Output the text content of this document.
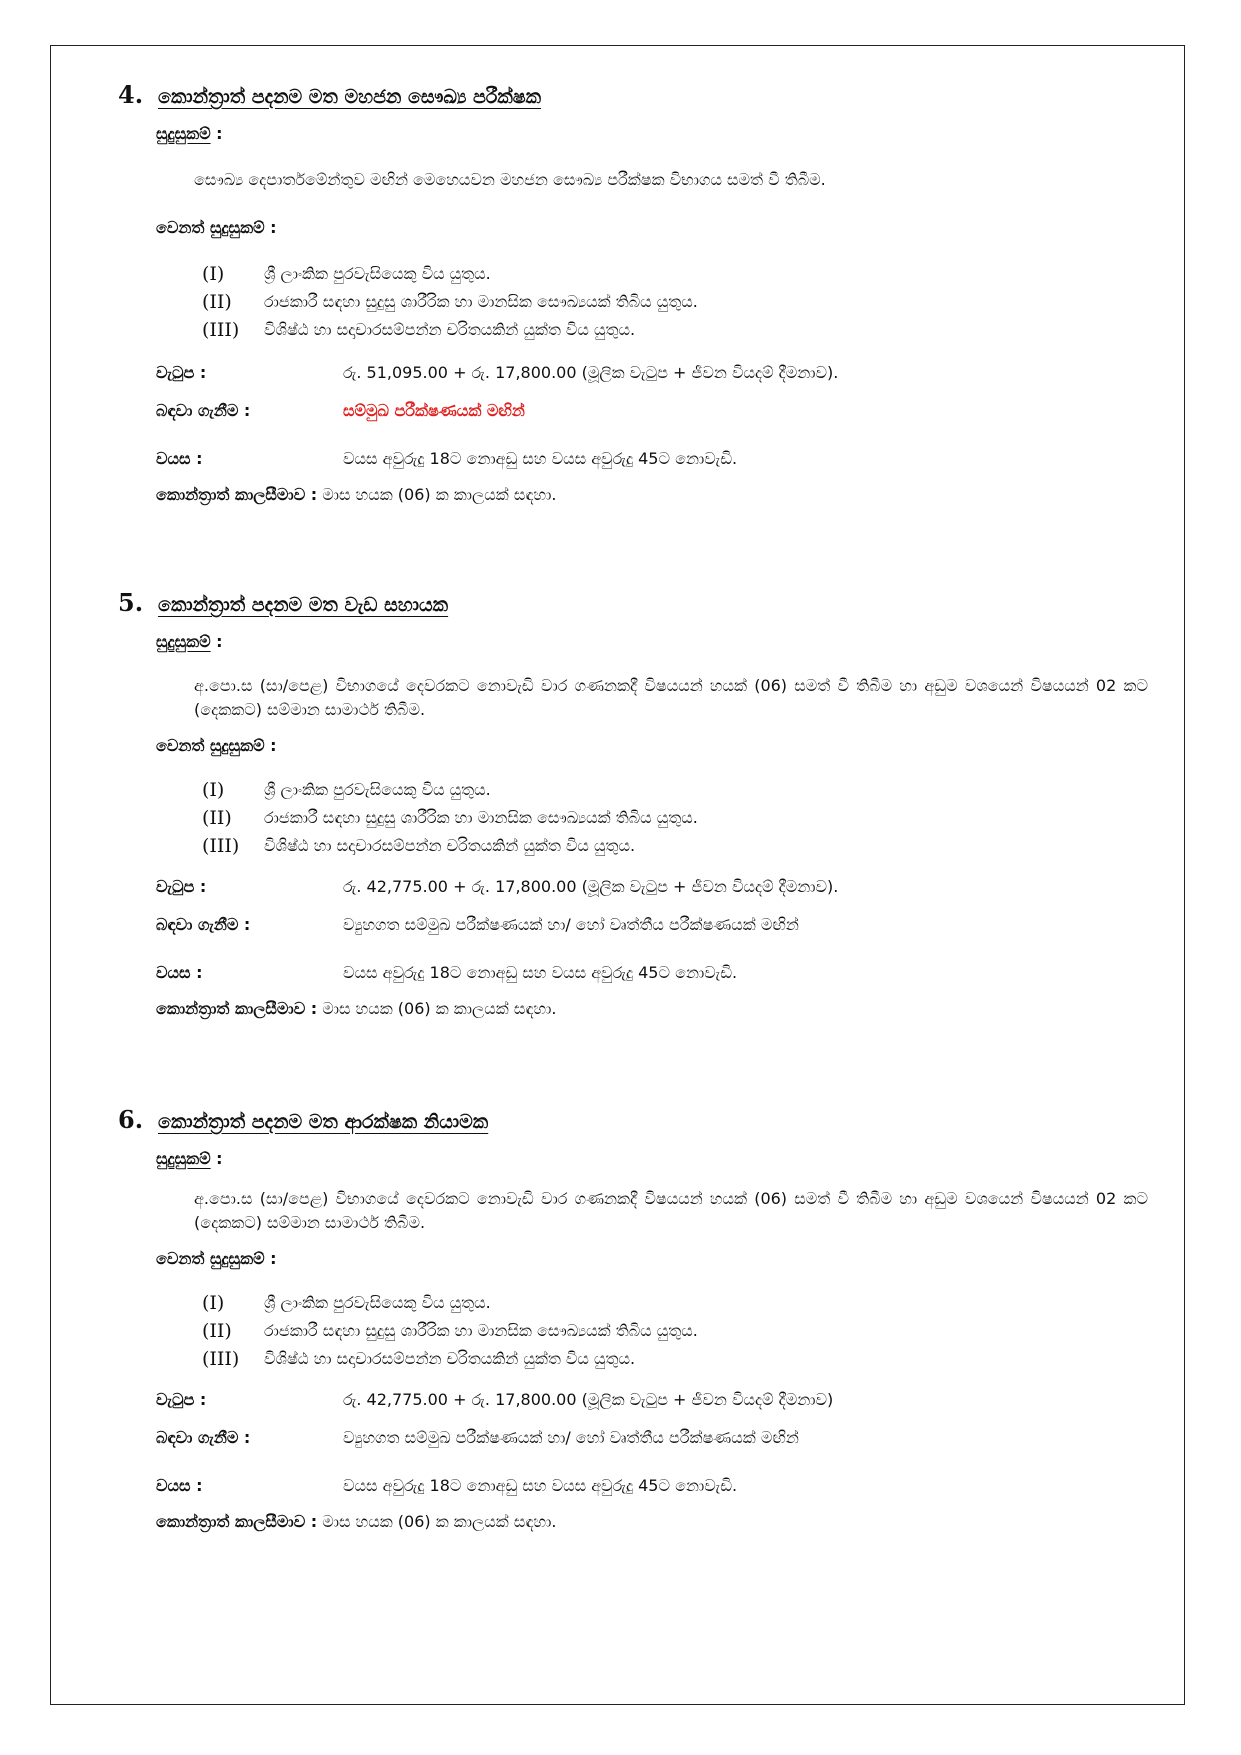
4. කොන්ත්‍රාත් පදනම මත මහජන සෞඛ්‍ය පරීක්ෂක
සුදුසුකම් :
සෞඛ්‍ය දෙපාර්තමේන්තුව මඟින් මෙහෙයවන මහජන සෞඛ්‍ය පරීක්ෂක විභාගය සමත් වී තිබීම.
වෙනත් සුදුසුකම් :
(I)	ශ්‍රී ලාංකික පුරවැසියෙකු විය යුතුය.
(II)	රාජකාරී සඳහා සුදුසු ශාරීරික හා මානසික සෞඛ්‍යයක් තිබිය යුතුය.
(III)	විශිෂ්ඨ හා සදාචාරසම්පන්න චරිතයකින් යුක්ත විය යුතුය.
වැටුප :	රු. 51,095.00 + රු. 17,800.00 (මූලික වැටුප + ජීවන වියදම් දීමනාව).
බඳවා ගැනීම :	සම්මුඛ පරීක්ෂණයක් මඟින්
වයස :	වයස අවුරුදු 18ට නොඅඩු සහ වයස අවුරුදු 45ට නොවැඩි.
කොන්ත්‍රාත් කාලසීමාව :
මාස හයක (06) ක කාලයක් සඳහා.
5. කොන්ත්‍රාත් පදනම මත වැඩ සහායක
සුදුසුකම් :
අ.පො.ස (සා/පෙළ) විභාගයේ දෙවරකට නොවැඩි වාර ගණනකදී විෂයයන් හයක් (06) සමත් වී තිබීම හා අඩුම වශයෙන් විෂයයන් 02 කට (දෙකකට) සම්මාන සාමාර්ථ තිබීම.
වෙනත් සුදුසුකම් :
(I)	ශ්‍රී ලාංකික පුරවැසියෙකු විය යුතුය.
(II)	රාජකාරී සඳහා සුදුසු ශාරීරික හා මානසික සෞඛ්‍යයක් තිබිය යුතුය.
(III)	විශිෂ්ඨ හා සදාචාරසම්පන්න චරිතයකින් යුක්ත විය යුතුය.
වැටුප :	රු. 42,775.00 + රු. 17,800.00 (මූලික වැටුප + ජීවන වියදම් දීමනාව).
බඳවා ගැනීම :	ව්‍යුහගත සම්මුඛ පරීක්ෂණයක් හා/ හෝ වෘත්තීය පරීක්ෂණයක් මඟින්
වයස :	වයස අවුරුදු 18ට නොඅඩු සහ වයස අවුරුදු 45ට නොවැඩි.
කොන්ත්‍රාත් කාලසීමාව :
මාස හයක (06) ක කාලයක් සඳහා.
6. කොන්ත්‍රාත් පදනම මත ආරක්ෂක නියාමක
සුදුසුකම් :
අ.පො.ස (සා/පෙළ) විභාගයේ දෙවරකට නොවැඩි වාර ගණනකදී විෂයයන් හයක් (06) සමත් වී තිබීම හා අඩුම වශයෙන් විෂයයන් 02 කට (දෙකකට) සම්මාන සාමාර්ථ තිබීම.
වෙනත් සුදුසුකම් :
(I)	ශ්‍රී ලාංකික පුරවැසියෙකු විය යුතුය.
(II)	රාජකාරී සඳහා සුදුසු ශාරීරික හා මානසික සෞඛ්‍යයක් තිබිය යුතුය.
(III)	විශිෂ්ඨ හා සදාචාරසම්පන්න චරිතයකින් යුක්ත විය යුතුය.
වැටුප :	රු. 42,775.00 + රු. 17,800.00 (මූලික වැටුප + ජීවන වියදම් දීමනාව)
බඳවා ගැනීම :	ව්‍යුහගත සම්මුඛ පරීක්ෂණයක් හා/ හෝ වෘත්තීය පරීක්ෂණයක් මඟින්
වයස :	වයස අවුරුදු 18ට නොඅඩු සහ වයස අවුරුදු 45ට නොවැඩි.
කොන්ත්‍රාත් කාලසීමාව :
මාස හයක (06) ක කාලයක් සඳහා.
